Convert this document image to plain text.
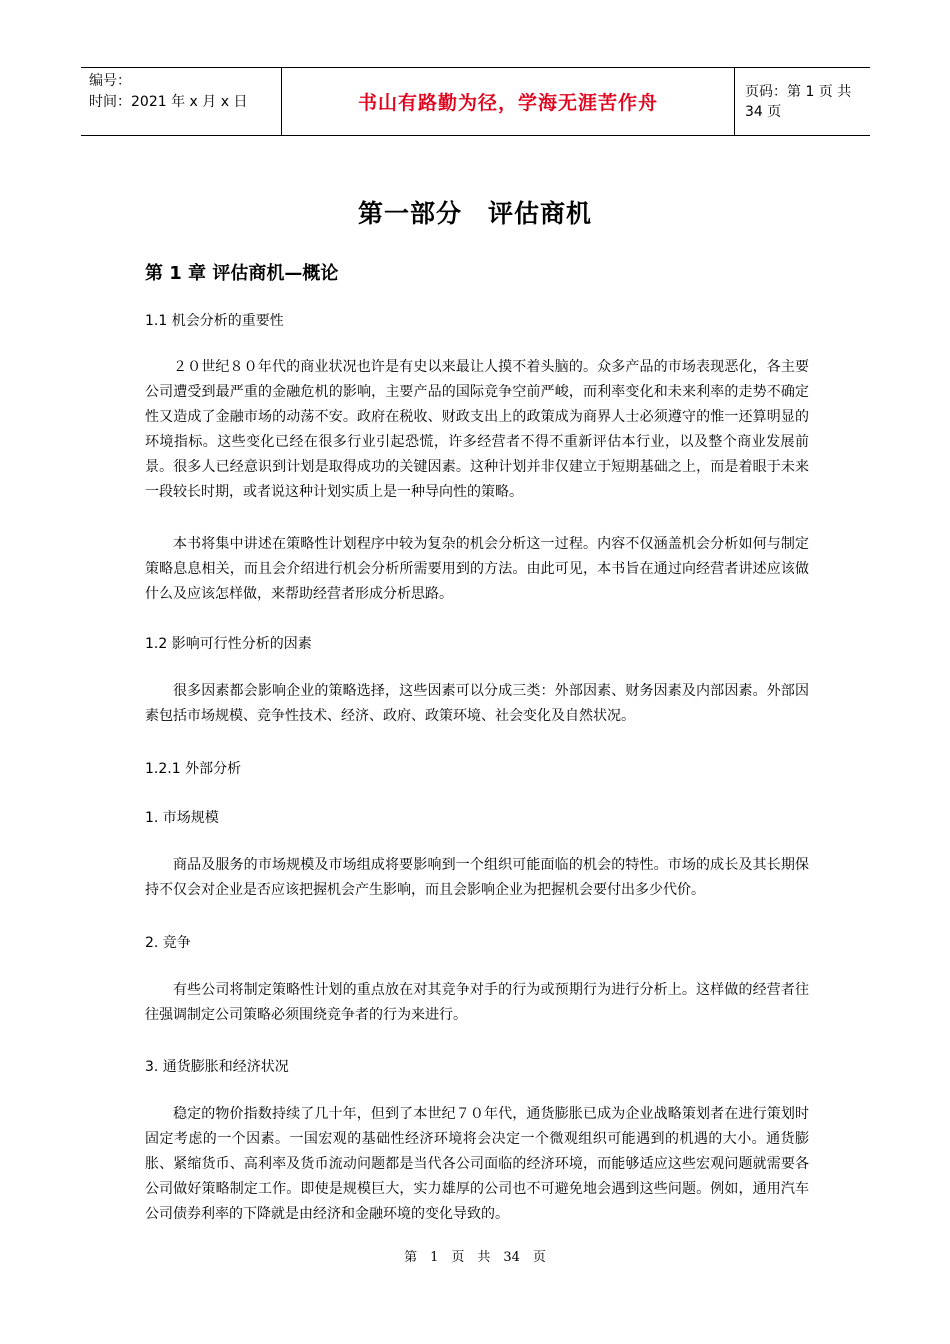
编号：
时间：2021 年 x 月 x 日	书山有路勤为径，学海无涯苦作舟
页码：第 1 页 共 34 页
第一部分　评估商机
第 1 章 评估商机—概论
1.1 机会分析的重要性
２０世纪８０年代的商业状况也许是有史以来最让人摸不着头脑的。众多产品的市场表现恶化，各主要公司遭受到最严重的金融危机的影响，主要产品的国际竞争空前严峻，而利率变化和未来利率的走势不确定性又造成了金融市场的动荡不安。政府在税收、财政支出上的政策成为商界人士必须遵守的惟一还算明显的环境指标。这些变化已经在很多行业引起恐慌，许多经营者不得不重新评估本行业，以及整个商业发展前景。很多人已经意识到计划是取得成功的关键因素。这种计划并非仅建立于短期基础之上，而是着眼于未来一段较长时期，或者说这种计划实质上是一种导向性的策略。
本书将集中讲述在策略性计划程序中较为复杂的机会分析这一过程。内容不仅涵盖机会分析如何与制定策略息息相关，而且会介绍进行机会分析所需要用到的方法。由此可见，本书旨在通过向经营者讲述应该做什么及应该怎样做，来帮助经营者形成分析思路。
1.2 影响可行性分析的因素
很多因素都会影响企业的策略选择，这些因素可以分成三类：外部因素、财务因素及内部因素。外部因素包括市场规模、竞争性技术、经济、政府、政策环境、社会变化及自然状况。
1.2.1 外部分析
1. 市场规模
商品及服务的市场规模及市场组成将要影响到一个组织可能面临的机会的特性。市场的成长及其长期保持不仅会对企业是否应该把握机会产生影响，而且会影响企业为把握机会要付出多少代价。
2. 竞争
有些公司将制定策略性计划的重点放在对其竞争对手的行为或预期行为进行分析上。这样做的经营者往往强调制定公司策略必须围绕竞争者的行为来进行。
3. 通货膨胀和经济状况
稳定的物价指数持续了几十年，但到了本世纪７０年代，通货膨胀已成为企业战略策划者在进行策划时固定考虑的一个因素。一国宏观的基础性经济环境将会决定一个微观组织可能遇到的机遇的大小。通货膨胀、紧缩货币、高利率及货币流动问题都是当代各公司面临的经济环境，而能够适应这些宏观问题就需要各公司做好策略制定工作。即使是规模巨大，实力雄厚的公司也不可避免地会遇到这些问题。例如，通用汽车公司债券利率的下降就是由经济和金融环境的变化导致的。
第　1　页　共　34　页
